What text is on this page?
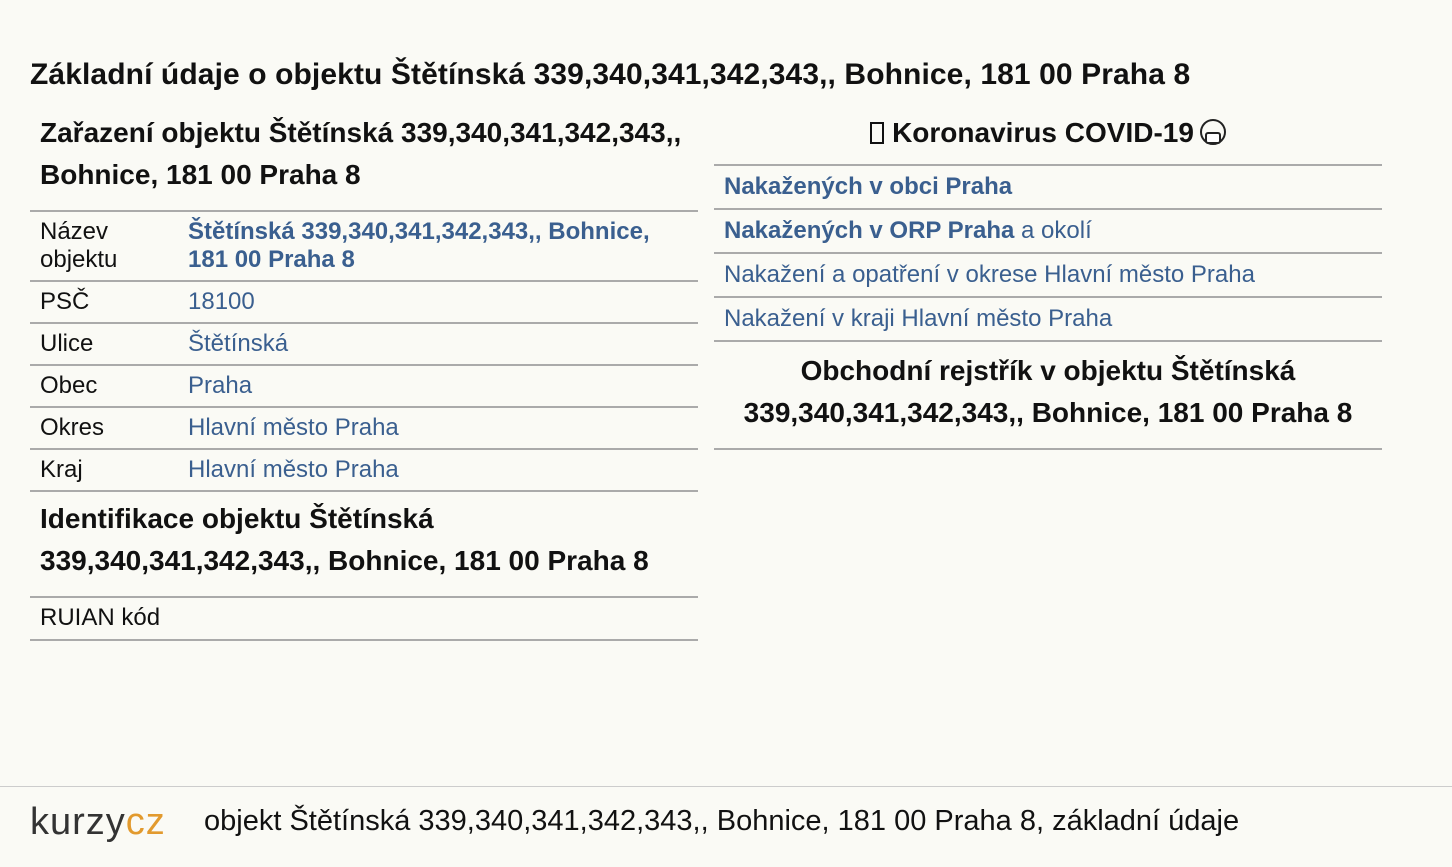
Základní údaje o objektu Štětínská 339,340,341,342,343,, Bohnice, 181 00 Praha 8
Zařazení objektu Štětínská 339,340,341,342,343,, Bohnice, 181 00 Praha 8
Název objektu	Štětínská 339,340,341,342,343,, Bohnice, 181 00 Praha 8
PSČ	18100
Ulice	Štětínská
Obec	Praha
Okres	Hlavní město Praha
Kraj	Hlavní město Praha
Identifikace objektu Štětínská 339,340,341,342,343,, Bohnice, 181 00 Praha 8
RUIAN kód
Koronavirus COVID-19
Nakažených v obci Praha
Nakažených v ORP Praha a okolí
Nakažení a opatření v okrese Hlavní město Praha
Nakažení v kraji Hlavní město Praha
Obchodní rejstřík v objektu Štětínská 339,340,341,342,343,, Bohnice, 181 00 Praha 8
kurzycz objekt Štětínská 339,340,341,342,343,, Bohnice, 181 00 Praha 8, základní údaje
